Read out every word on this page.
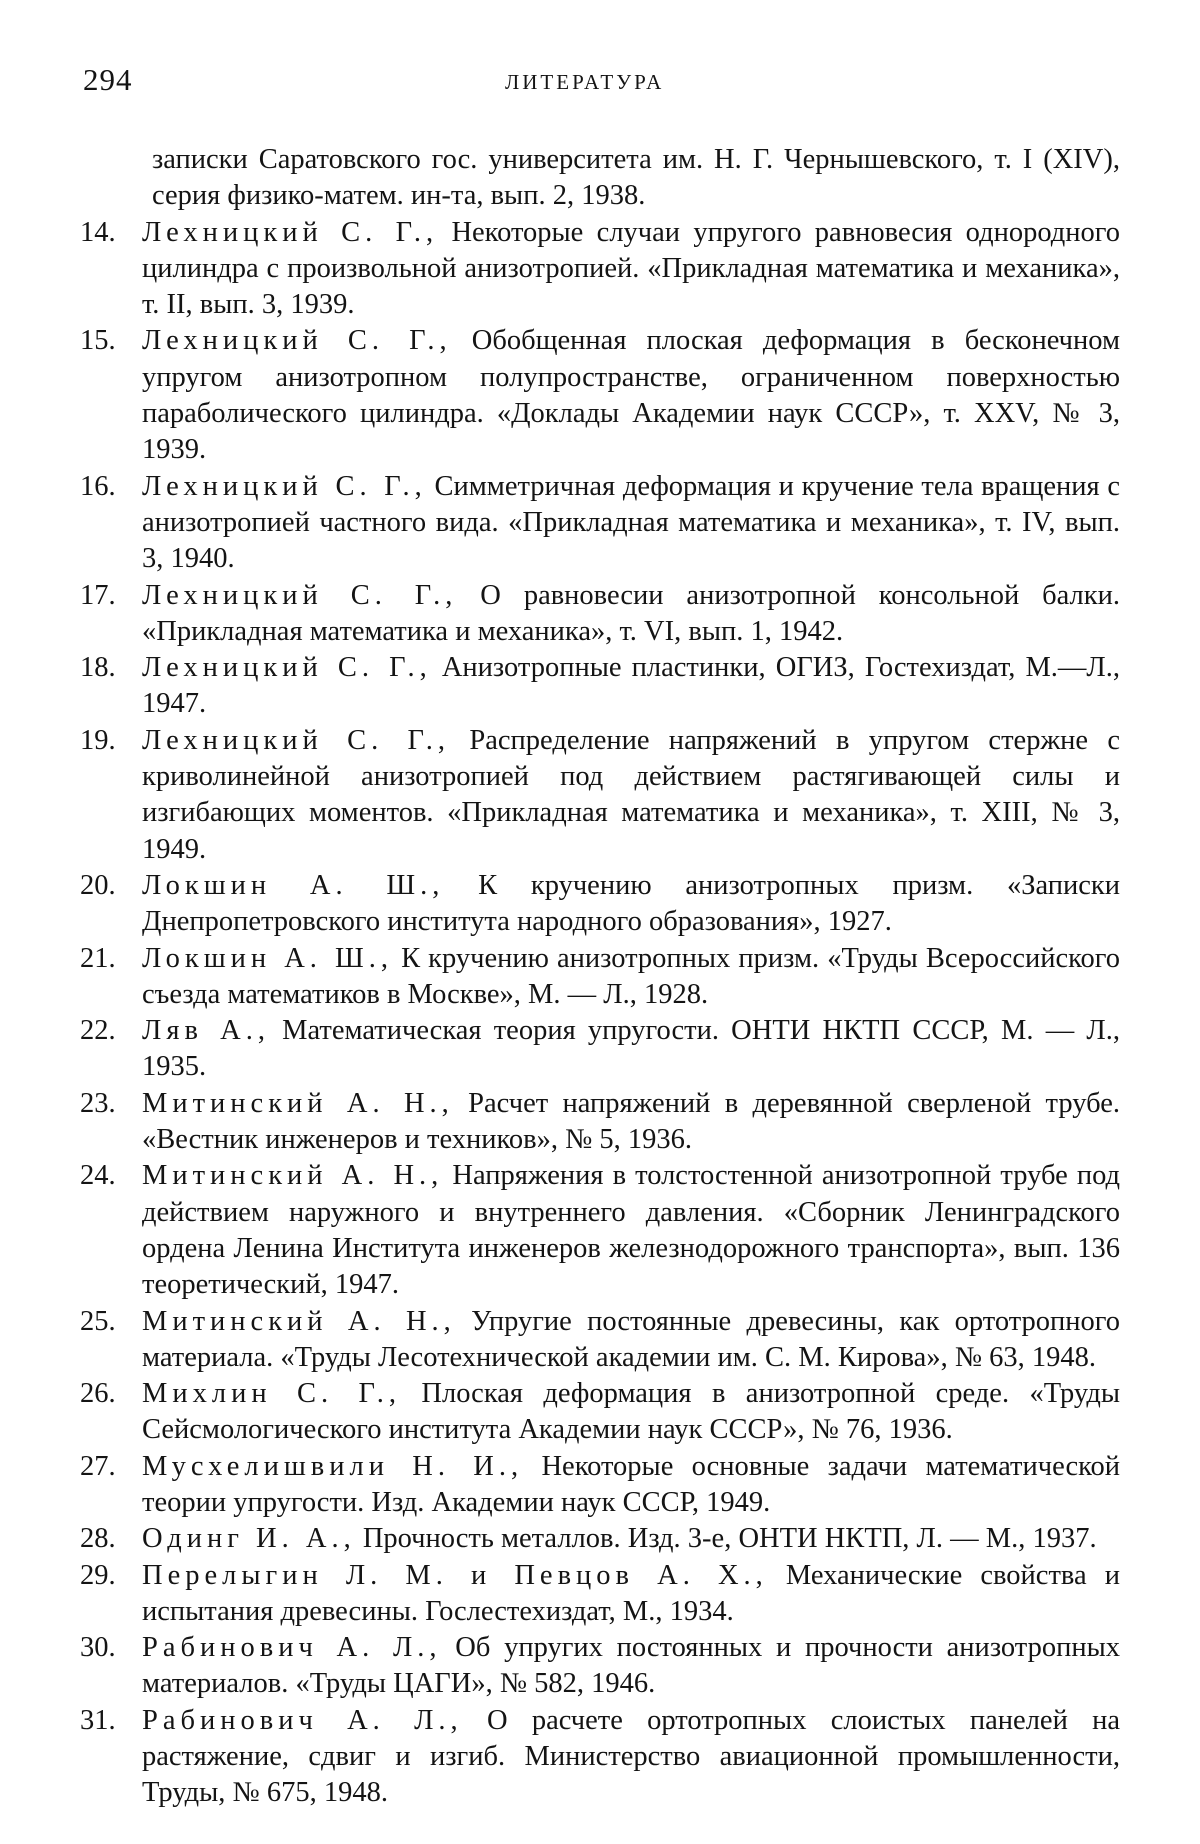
294	ЛИТЕРАТУРА

записки Саратовского гос. университета им. Н. Г. Чернышевского, т. I (XIV), серия физико-матем. ин-та, вып. 2, 1938.

14. Лехницкий С. Г., Некоторые случаи упругого равновесия однородного цилиндра с произвольной анизотропией. «Прикладная математика и механика», т. II, вып. 3, 1939.

15. Лехницкий С. Г., Обобщенная плоская деформация в бесконечном упругом анизотропном полупространстве, ограниченном поверхностью параболического цилиндра. «Доклады Академии наук СССР», т. XXV, № 3, 1939.

16. Лехницкий С. Г., Симметричная деформация и кручение тела вращения с анизотропией частного вида. «Прикладная математика и механика», т. IV, вып. 3, 1940.

17. Лехницкий С. Г., О равновесии анизотропной консольной балки. «Прикладная математика и механика», т. VI, вып. 1, 1942.

18. Лехницкий С. Г., Анизотропные пластинки, ОГИЗ, Гостехиздат, М.—Л., 1947.

19. Лехницкий С. Г., Распределение напряжений в упругом стержне с криволинейной анизотропией под действием растягивающей силы и изгибающих моментов. «Прикладная математика и механика», т. XIII, № 3, 1949.

20. Локшин А. Ш., К кручению анизотропных призм. «Записки Днепропетровского института народного образования», 1927.

21. Локшин А. Ш., К кручению анизотропных призм. «Труды Всероссийского съезда математиков в Москве», М. — Л., 1928.

22. Ляв А., Математическая теория упругости. ОНТИ НКТП СССР, М. — Л., 1935.

23. Митинский А. Н., Расчет напряжений в деревянной сверленой трубе. «Вестник инженеров и техников», № 5, 1936.

24. Митинский А. Н., Напряжения в толстостенной анизотропной трубе под действием наружного и внутреннего давления. «Сборник Ленинградского ордена Ленина Института инженеров железнодорожного транспорта», вып. 136 теоретический, 1947.

25. Митинский А. Н., Упругие постоянные древесины, как ортотропного материала. «Труды Лесотехнической академии им. С. М. Кирова», № 63, 1948.

26. Михлин С. Г., Плоская деформация в анизотропной среде. «Труды Сейсмологического института Академии наук СССР», № 76, 1936.

27. Мусхелишвили Н. И., Некоторые основные задачи математической теории упругости. Изд. Академии наук СССР, 1949.

28. Одинг И. А., Прочность металлов. Изд. 3-е, ОНТИ НКТП, Л. — М., 1937.

29. Перелыгин Л. М. и Певцов А. Х., Механические свойства и испытания древесины. Гослестехиздат, М., 1934.

30. Рабинович А. Л., Об упругих постоянных и прочности анизотропных материалов. «Труды ЦАГИ», № 582, 1946.

31. Рабинович А. Л., О расчете ортотропных слоистых панелей на растяжение, сдвиг и изгиб. Министерство авиационной промышленности, Труды, № 675, 1948.
